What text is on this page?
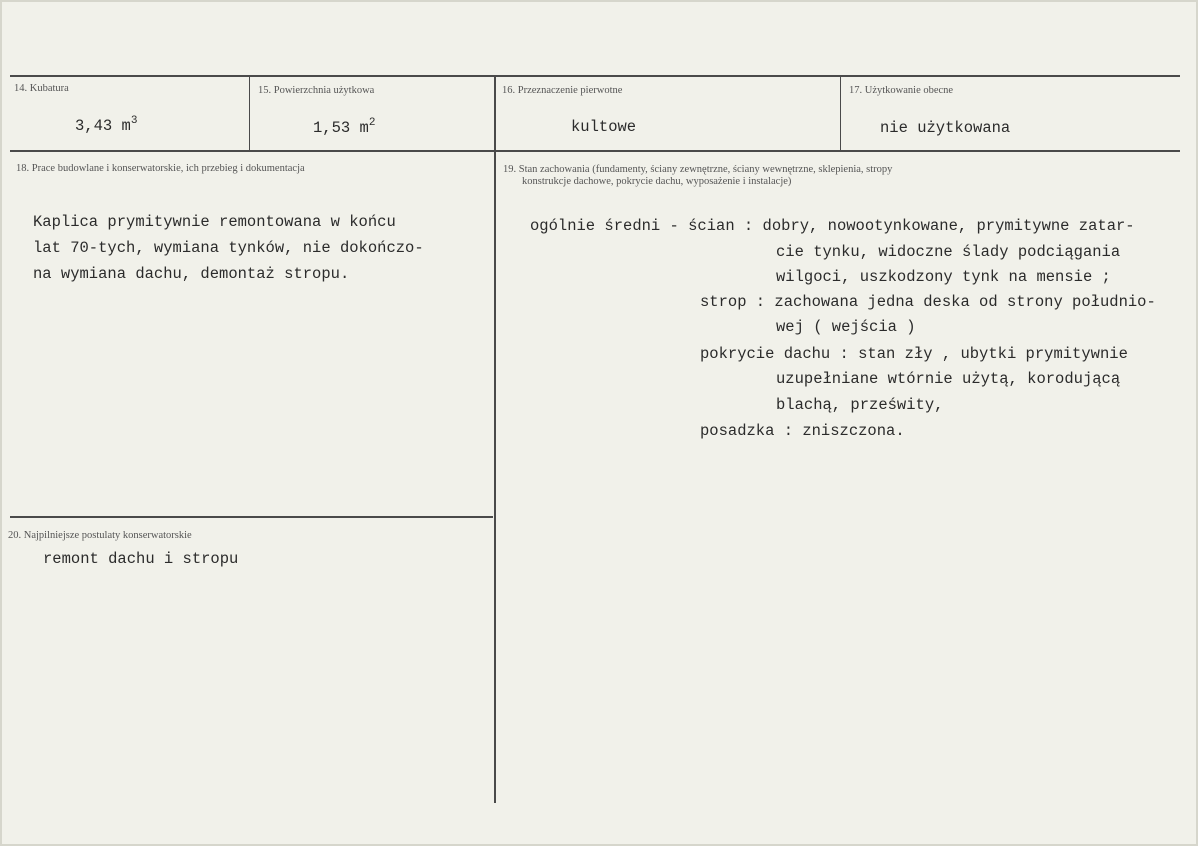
14. Kubatura
3,43 $m^3$
15. Powierzchnia użytkowa
1,53 $m^2$
16. Przeznaczenie pierwotne
kultowe
17. Użytkowanie obecne
nie użytkowana
18. Prace budowlane i konserwatorskie, ich przebieg i dokumentacja
Kaplica prymitywnie remontowana w końcu
lat 70-tych, wymiana tynków, nie dokończo-
na wymiana dachu, demontaż stropu.
19. Stan zachowania (fundamenty, ściany zewnętrzne, ściany wewnętrzne, sklepienia, stropy
konstrukcje dachowe, pokrycie dachu, wyposażenie i instalacje)
ogólnie średni - ścian : dobry, nowootynkowane, prymitywne zatar-
cie tynku, widoczne ślady podciągania
wilgoci, uszkodzony tynk na mensie ;
strop : zachowana jedna deska od strony południo-
wej ( wejścia )
pokrycie dachu : stan zły , ubytki prymitywnie
uzupełniane wtórnie użytą, korodującą
blachą, prześwity,
posadzka : zniszczona.
20. Najpilniejsze postulaty konserwatorskie
remont dachu i stropu
